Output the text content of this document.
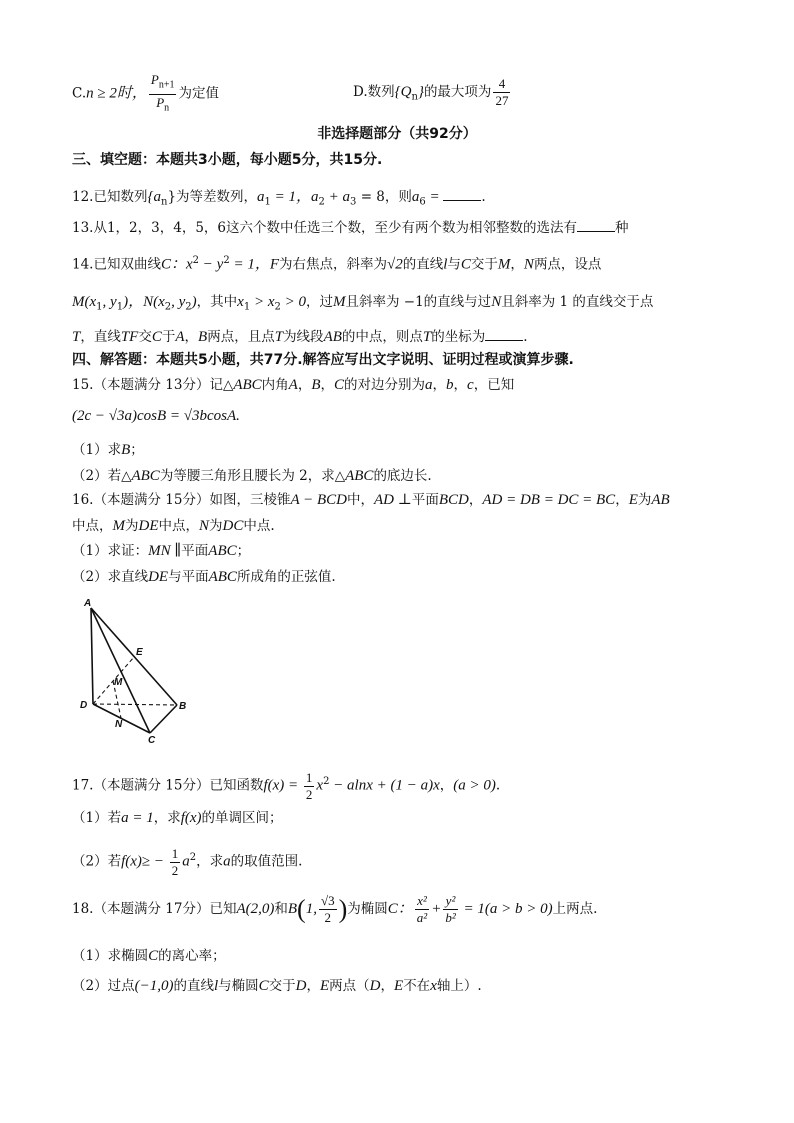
C.n ≥ 2时， $\frac{P_{n+1}}{P_n}$ 为定值	D.数列$\{Q_n\}$的最大项为 $\frac{4}{27}$
非选择题部分（共92分）
三、填空题：本题共3小题，每小题5分，共15分.
12.已知数列$\{a_n\}$为等差数列，$a_1 = 1$，$a_2 + a_3 = 8$，则$a_6$ =	.
13.从1，2，3，4，5，6这六个数中任选三个数，至少有两个数为相邻整数的选法有	种
14.已知双曲线C：$x^2 - y^2 = 1$，F为右焦点，斜率为√2的直线l与C交于M，N两点，设点
$M(x_1$, $y_1$)，$N(x_2$, $y_2$)，其中$x_1 > x_2 > 0$，过M且斜率为 −1的直线与过N且斜率为 1 的直线交于点
T，直线TF交C于A，B两点，且点T为线段AB的中点，则点T的坐标为	.
四、解答题：本题共5小题，共77分.解答应写出文字说明、证明过程或演算步骤.
15.（本题满分 13分）记△ABC内角A，B，C的对边分别为a，b，c，已知
(2c − √3a)cosB = √3bcosA.
（1）求B；
（2）若△ABC为等腰三角形且腰长为 2，求△ABC的底边长.
16.（本题满分 15分）如图，三棱锥A − BCD中，AD ⊥平面BCD，AD = DB = DC = BC，E为AB
中点，M为DE中点，N为DC中点.
（1）求证：MN ∥平面ABC；
（2）求直线DE与平面ABC所成角的正弦值.
A
E
M
D	B
N
C
17.（本题满分 15分）已知函数$f(x) = \frac{1}{2} x^2 - alnx + (1 - a)x$，(a > 0).
（1）若a = 1，求f(x)的单调区间；
（2）若$f(x)\ge - \frac{1}{2} a^2$，求a的取值范围.
18.（本题满分 17分）已知A(2,0)和B(1, $\frac{√3}{2}$ )为椭圆C： $\frac{\text{x²}}{\text{a²}} + \frac{\text{y²}}{\text{b²}} = 1(a > b > 0)$上两点.
（1）求椭圆C的离心率；
（2）过点(−1,0)的直线l与椭圆C交于D，E两点（D，E不在x轴上）.
